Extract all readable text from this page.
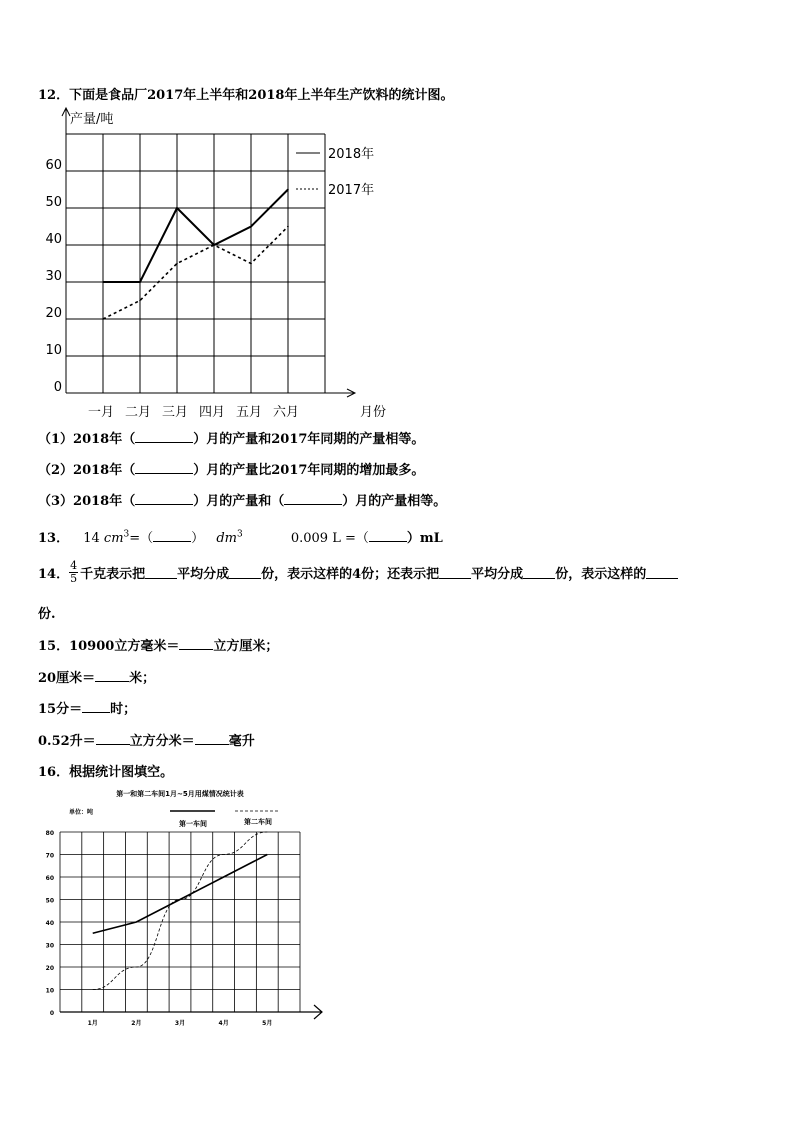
12．下面是食品厂2017年上半年和2018年上半年生产饮料的统计图。
0
10
20
30
40
50
60
一月 二月 三月 四月 五月 六月	月份
2018年
2017年
产量/吨
（1）2018年（	）月的产量和2017年同期的产量相等。
（2）2018年（	）月的产量比2017年同期的增加最多。
（3）2018年（	）月的产量和（	）月的产量相等。
13． 14 $cm^3=$（	） $dm^3$	0.009 L =（	）mL
14． $\frac{4}{5}$ 千克表示把 平均分成 份，表示这样的4份；还表示把 平均分成 份，表示这样的
份.
15．10900立方毫米＝	立方厘米；
20厘米＝	米；
15分＝ 时；
0.52升＝	立方分米＝	毫升
16．根据统计图填空。
第一和第二车间1月~5月用煤情况统计表
单位：吨
0
10
20
30
40
50
60
70
80
1月	2月	3月	4月	5月
第一车间	第二车间
